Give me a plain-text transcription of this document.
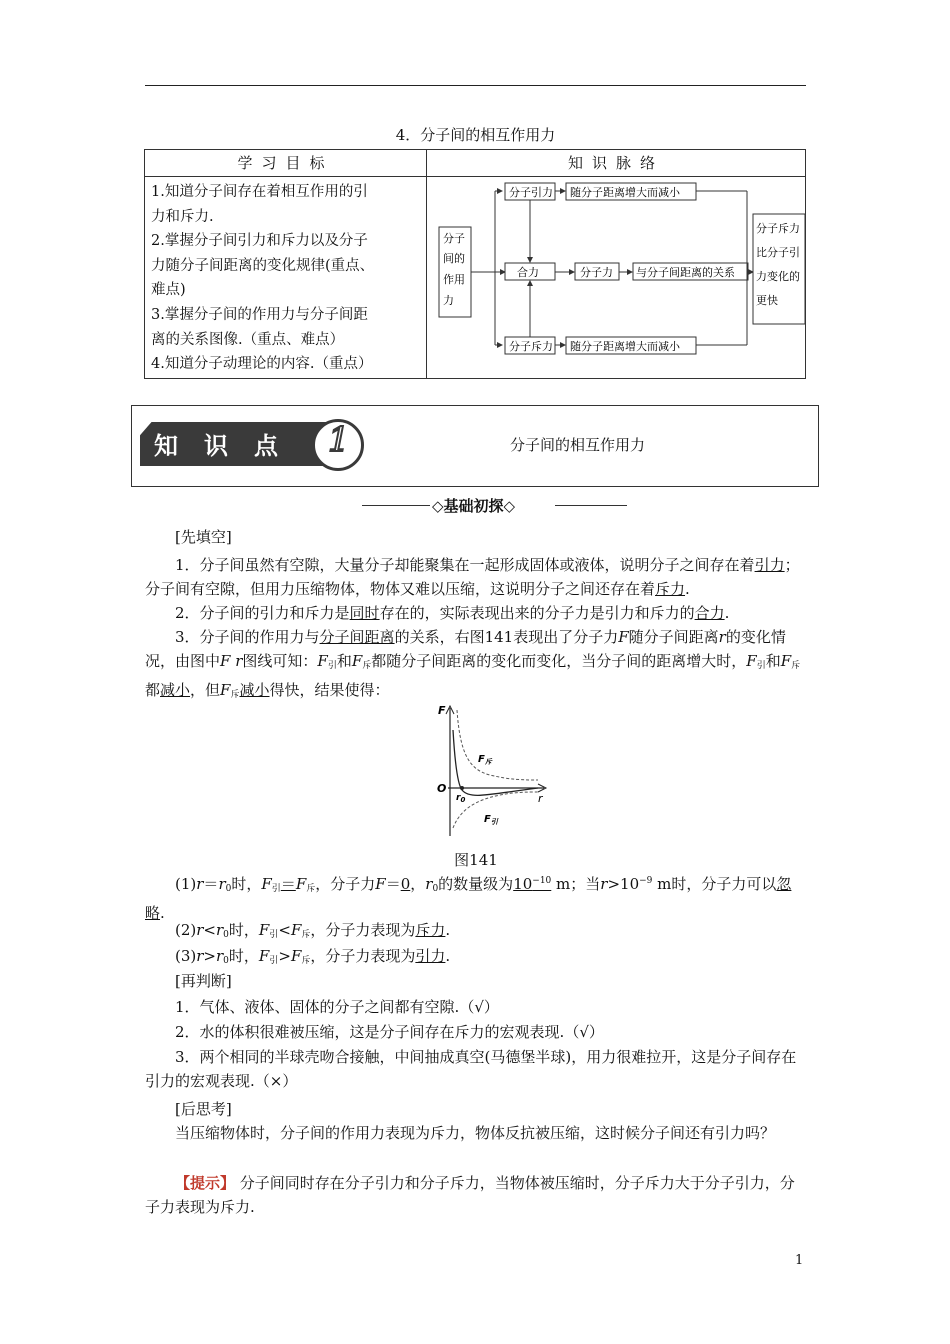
4．分子间的相互作用力
学习目标	知识脉络
1.知道分子间存在着相互作用的引
力和斥力.
2.掌握分子间引力和斥力以及分子
力随分子间距离的变化规律(重点、
难点)
3.掌握分子间的作用力与分子间距
离的关系图像.（重点、难点）
4.知道分子动理论的内容.（重点）
分子
间的
作用
力
分子引力 随分子距离增大而减小
合力
分子斥力 随分子距离增大而减小
分子力 与分子间距离的关系
分子斥力
比分子引
力变化的
更快
知识点 1	分子间的相互作用力
◇基础初探◇
[先填空]
1．分子间虽然有空隙，大量分子却能聚集在一起形成固体或液体，说明分子之间存在着引力；分子间有空隙，但用力压缩物体，物体又难以压缩，这说明分子之间还存在着斥力.
2．分子间的引力和斥力是同时存在的，实际表现出来的分子力是引力和斥力的合力.
3．分子间的作用力与分子间距离的关系，右图141表现出了分子力F随分子间距离r的变化情况，由图中F r图线可知：$F_引$和$F_斥$都随分子间距离的变化而变化，当分子间的距离增大时，$F_引$和$F_斥$都减小，但$F_斥$减小得快，结果使得：
F
r
O
$r_0$
$F_斥$
$F_引$
图141
$(1)r=r_0$时，$F_引=F_斥$，分子力F＝0，$r_0$的数量级为$10^{-10}$ m；当$r>10^{-9}$ m时，分子力可以忽略.
$(2)r<r_0$时，$F_引<F_斥$，分子力表现为斥力.
$(3)r>r_0$时，$F_引>F_斥$，分子力表现为引力.
[再判断]
1．气体、液体、固体的分子之间都有空隙.（√）
2．水的体积很难被压缩，这是分子间存在斥力的宏观表现.（√）
3．两个相同的半球壳吻合接触，中间抽成真空(马德堡半球)，用力很难拉开，这是分子间存在引力的宏观表现.（×）
[后思考]
当压缩物体时，分子间的作用力表现为斥力，物体反抗被压缩，这时候分子间还有引力吗？
【提示】 分子间同时存在分子引力和分子斥力，当物体被压缩时，分子斥力大于分子引力，分子力表现为斥力.
1
